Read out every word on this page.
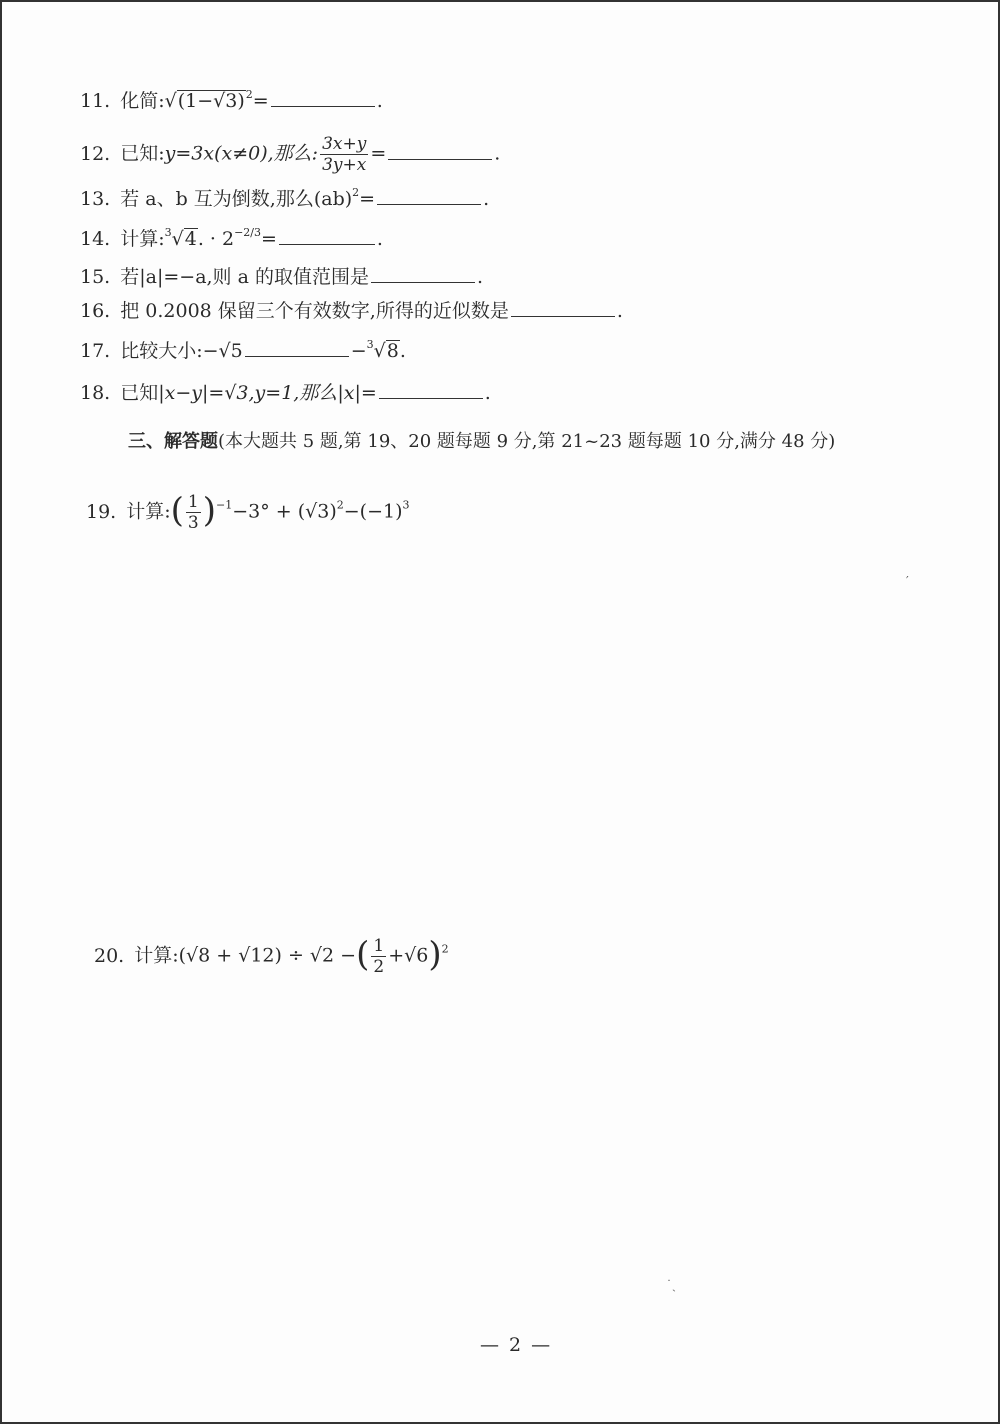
11. 化简$:√(1-√3)^2=$	.
12. 已知:y=3x(x≠0),那么: $\frac{3x+y}{3y+x}$ =	.
13. 若 a、b 互为倒数,那么(ab)$^2$=	.
14. 计算:$^3$√4. · $2^{-2/3}=$	.
15. 若|a|=−a,则 a 的取值范围是	.
16. 把 0.2008 保留三个有效数字,所得的近似数是	.
17. 比较大小:−√5	−$^3$√8.
18. 已知|x−y|=√3,y=1,那么|x|=	.
三、解答题(本大题共 5 题,第 19、20 题每题 9 分,第 21~23 题每题 10 分,满分 48 分)
19. 计算:( $\frac{1}{3} )^{-1}-3^\circ + (√3)^2-(-1)^3$
20. 计算:(√8 + √12) ÷ √2 −( $\frac{1}{2} +√6)^2$
— 2 —
′
˙ˏ
